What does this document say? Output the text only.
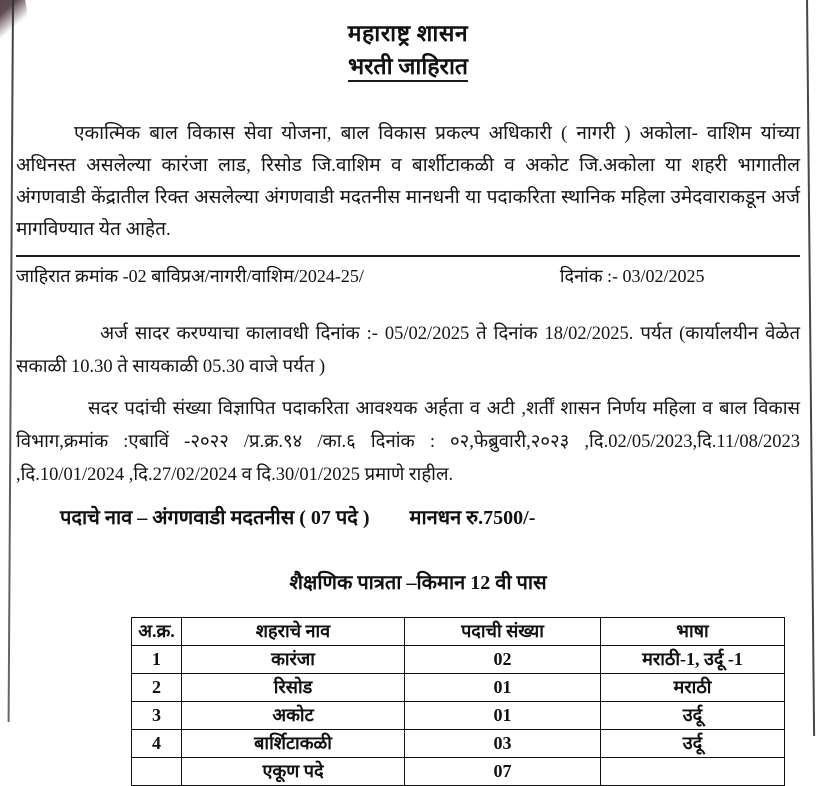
महाराष्ट्र शासन
भरती जाहिरात

एकात्मिक बाल विकास सेवा योजना, बाल विकास प्रकल्प अधिकारी ( नागरी ) अकोला- वाशिम यांच्या अधिनस्त असलेल्या कारंजा लाड, रिसोड जि.वाशिम व बार्शीटाकळी व अकोट जि.अकोला या शहरी भागातील अंगणवाडी केंद्रातील रिक्त असलेल्या अंगणवाडी मदतनीस मानधनी या पदाकरिता स्थानिक महिला उमेदवाराकडून अर्ज मागविण्यात येत आहेत.

जाहिरात क्रमांक -02 बाविप्रअ/नागरी/वाशिम/2024-25/	दिनांक :- 03/02/2025

अर्ज सादर करण्याचा कालावधी दिनांक :- 05/02/2025 ते दिनांक 18/02/2025. पर्यत (कार्यालयीन वेळेत सकाळी 10.30 ते सायकाळी 05.30 वाजे पर्यत )

सदर पदांची संख्या विज्ञापित पदाकरिता आवश्यक अर्हता व अटी ,शर्तीं शासन निर्णय महिला व बाल विकास विभाग,क्रमांक :एबाविं -२०२२ /प्र.क्र.९४ /का.६ दिनांक : ०२,फेब्रुवारी,२०२३ ,दि.02/05/2023,दि.11/08/2023 ,दि.10/01/2024 ,दि.27/02/2024 व दि.30/01/2025 प्रमाणे राहील.

पदाचे नाव – अंगणवाडी मदतनीस ( 07 पदे ) मानधन रु.7500/-
शैक्षणिक पात्रता –किमान 12 वी पास
अ.क्र.	शहराचे नाव	पदाची संख्या	भाषा
1	कारंजा	02	मराठी-1, उर्दू -1
2	रिसोड	01	मराठी
3	अकोट	01	उर्दू
4	बार्शिटाकळी	03	उर्दू
	एकूण पदे	07	
